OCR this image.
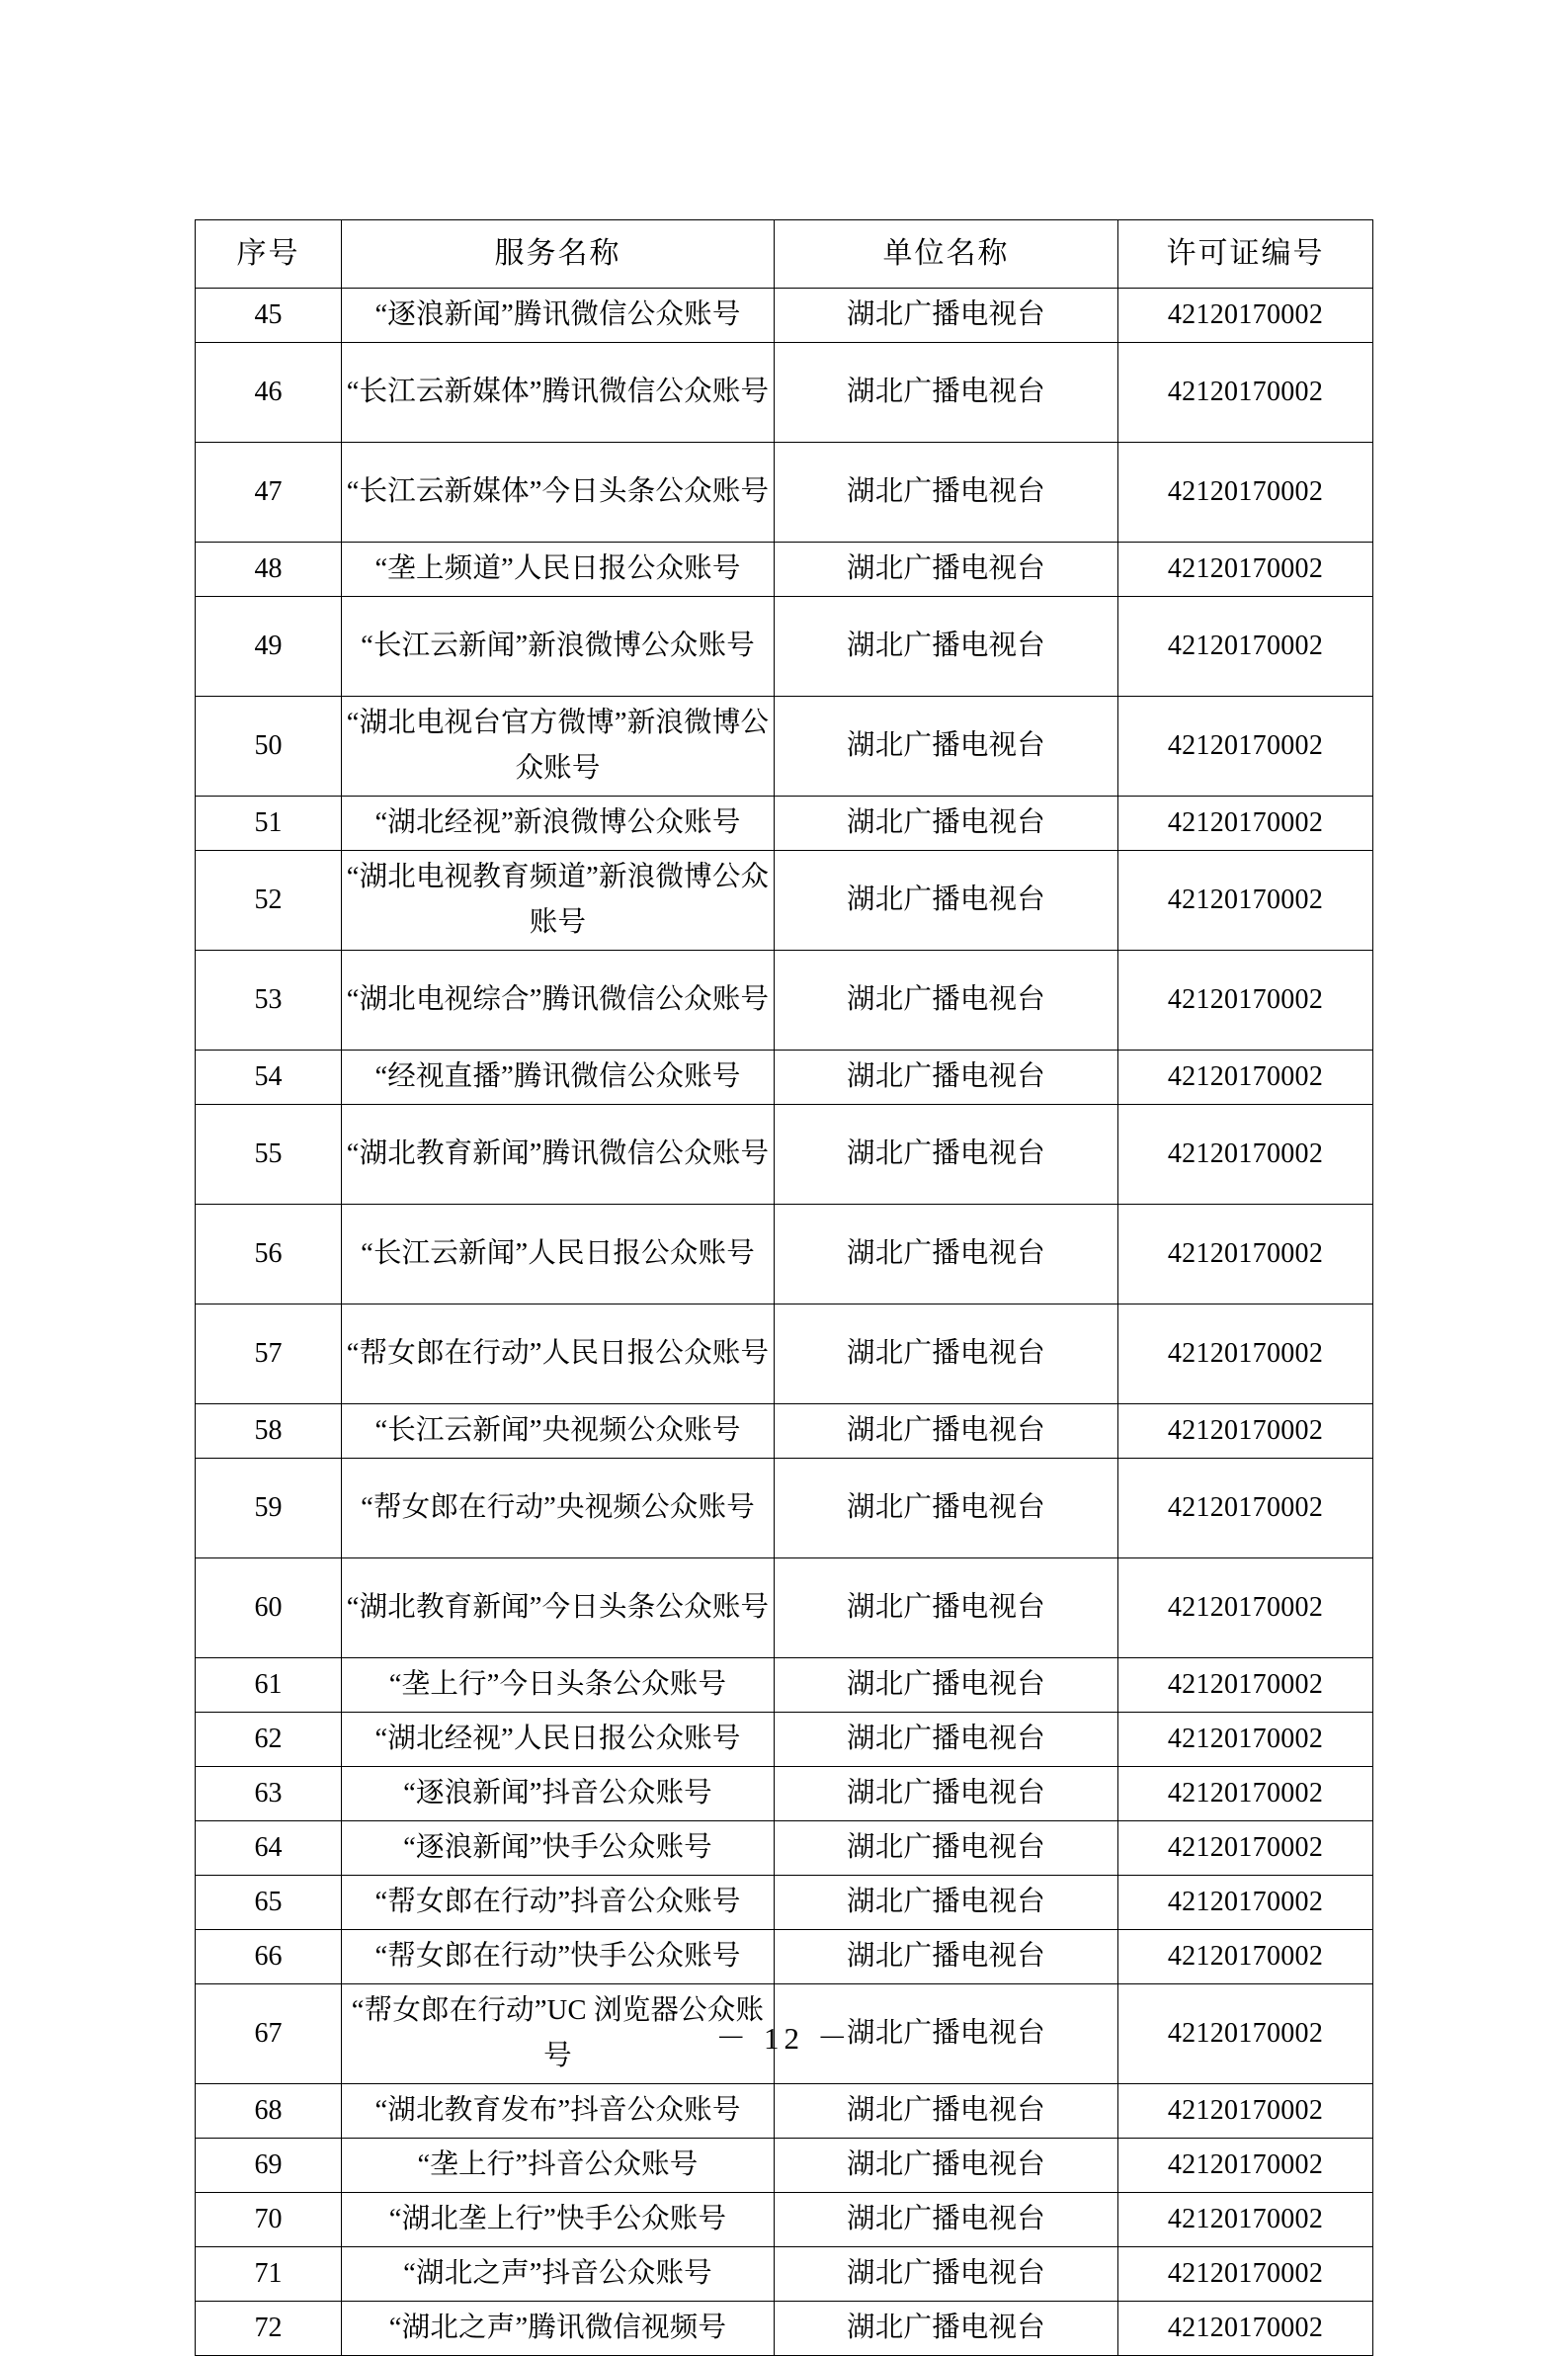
序号	服务名称	单位名称	许可证编号
45	“逐浪新闻”腾讯微信公众账号	湖北广播电视台	42120170002
46	“长江云新媒体”腾讯微信公众账号	湖北广播电视台	42120170002
47	“长江云新媒体”今日头条公众账号	湖北广播电视台	42120170002
48	“垄上频道”人民日报公众账号	湖北广播电视台	42120170002
49	“长江云新闻”新浪微博公众账号	湖北广播电视台	42120170002
50	“湖北电视台官方微博”新浪微博公众账号	湖北广播电视台	42120170002
51	“湖北经视”新浪微博公众账号	湖北广播电视台	42120170002
52	“湖北电视教育频道”新浪微博公众账号	湖北广播电视台	42120170002
53	“湖北电视综合”腾讯微信公众账号	湖北广播电视台	42120170002
54	“经视直播”腾讯微信公众账号	湖北广播电视台	42120170002
55	“湖北教育新闻”腾讯微信公众账号	湖北广播电视台	42120170002
56	“长江云新闻”人民日报公众账号	湖北广播电视台	42120170002
57	“帮女郎在行动”人民日报公众账号	湖北广播电视台	42120170002
58	“长江云新闻”央视频公众账号	湖北广播电视台	42120170002
59	“帮女郎在行动”央视频公众账号	湖北广播电视台	42120170002
60	“湖北教育新闻”今日头条公众账号	湖北广播电视台	42120170002
61	“垄上行”今日头条公众账号	湖北广播电视台	42120170002
62	“湖北经视”人民日报公众账号	湖北广播电视台	42120170002
63	“逐浪新闻”抖音公众账号	湖北广播电视台	42120170002
64	“逐浪新闻”快手公众账号	湖北广播电视台	42120170002
65	“帮女郎在行动”抖音公众账号	湖北广播电视台	42120170002
66	“帮女郎在行动”快手公众账号	湖北广播电视台	42120170002
67	“帮女郎在行动”UC 浏览器公众账号	湖北广播电视台	42120170002
68	“湖北教育发布”抖音公众账号	湖北广播电视台	42120170002
69	“垄上行”抖音公众账号	湖北广播电视台	42120170002
70	“湖北垄上行”快手公众账号	湖北广播电视台	42120170002
71	“湖北之声”抖音公众账号	湖北广播电视台	42120170002
72	“湖北之声”腾讯微信视频号	湖北广播电视台	42120170002
－ 12 －
